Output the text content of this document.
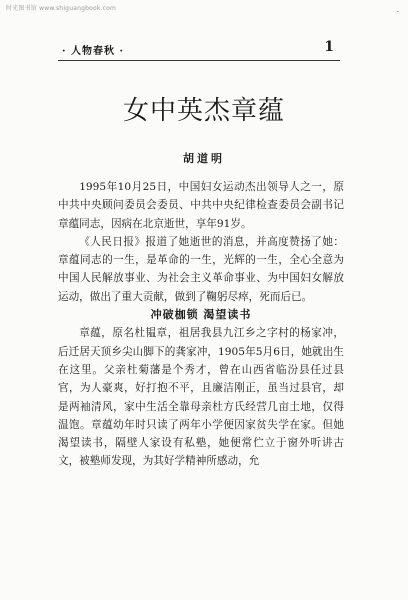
时光图书馆 www.shiguangbook.com	·
· 人物春秋 ·	1
女中英杰章蕴
胡道明

1995年10月25日，中国妇女运动杰出领导人之一，原中共中央顾问委员会委员、中共中央纪律检查委员会副书记章蕴同志，因病在北京逝世，享年91岁。

《人民日报》报道了她逝世的消息，并高度赞扬了她：章蕴同志的一生，是革命的一生，光辉的一生，全心全意为中国人民解放事业、为社会主义革命事业、为中国妇女解放运动，做出了重大贡献，做到了鞠躬尽瘁，死而后已。

冲破枷锁 渴望读书

章蕴，原名杜韫章，祖居我县九江乡之字村的杨家冲，后迁居天顶乡尖山脚下的龚家冲，1905年5月6日，她就出生在这里。父亲杜菊藩是个秀才，曾在山西省临汾县任过县官，为人豪爽，好打抱不平，且廉洁刚正，虽当过县官，却是两袖清风，家中生活全靠母亲杜方氏经营几亩土地，仅得温饱。章蕴幼年时只读了两年小学便因家贫失学在家。但她渴望读书，隔壁人家设有私塾，她便常伫立于窗外听讲古文，被塾师发现，为其好学精神所感动，允
